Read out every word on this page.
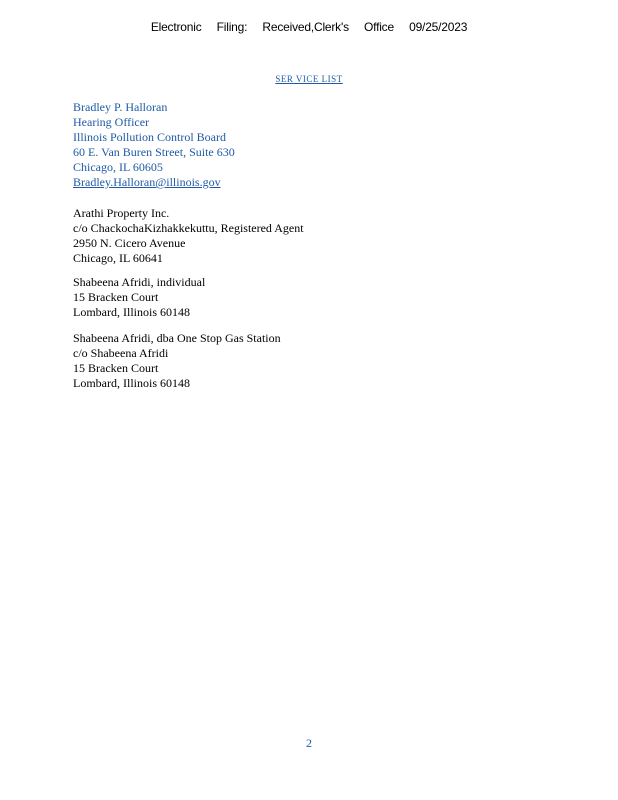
Electronic Filing: Received,Clerk's Office 09/25/2023
SER VICE LIST
Bradley P. Halloran
Hearing Officer
Illinois Pollution Control Board
60 E. Van Buren Street, Suite 630
Chicago, IL 60605
Bradley.Halloran@illinois.gov
Arathi Property Inc.
c/o ChackochaKizhakkekuttu, Registered Agent
2950 N. Cicero Avenue
Chicago, IL 60641
Shabeena Afridi, individual
15 Bracken Court
Lombard, Illinois 60148
Shabeena Afridi, dba One Stop Gas Station
c/o Shabeena Afridi
15 Bracken Court
Lombard, Illinois 60148
2
